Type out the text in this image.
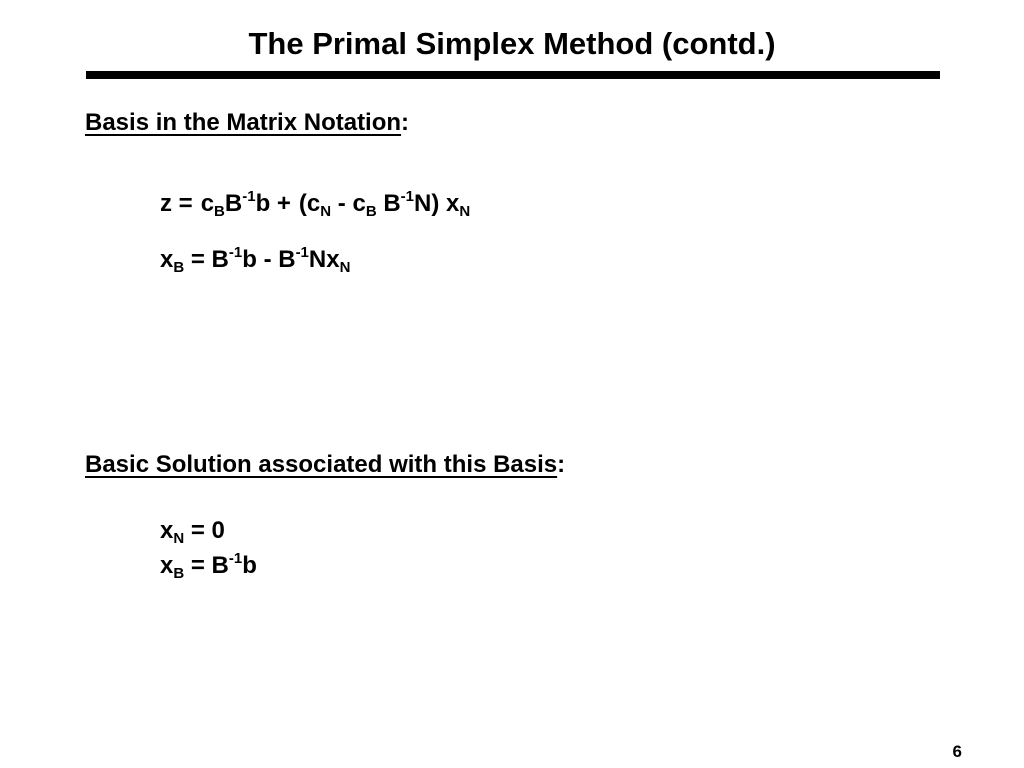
The Primal Simplex Method (contd.)
Basis in the Matrix Notation:
$z = c_BB^{-1}b + (c_N - c_B$ $B^{-1}N$) $x_N$
$x_B = B^{-1}b - B^{-1}Nx_N$
Basic Solution associated with this Basis:
$x_N = 0$
$x_B = B^{-1}b$
6
